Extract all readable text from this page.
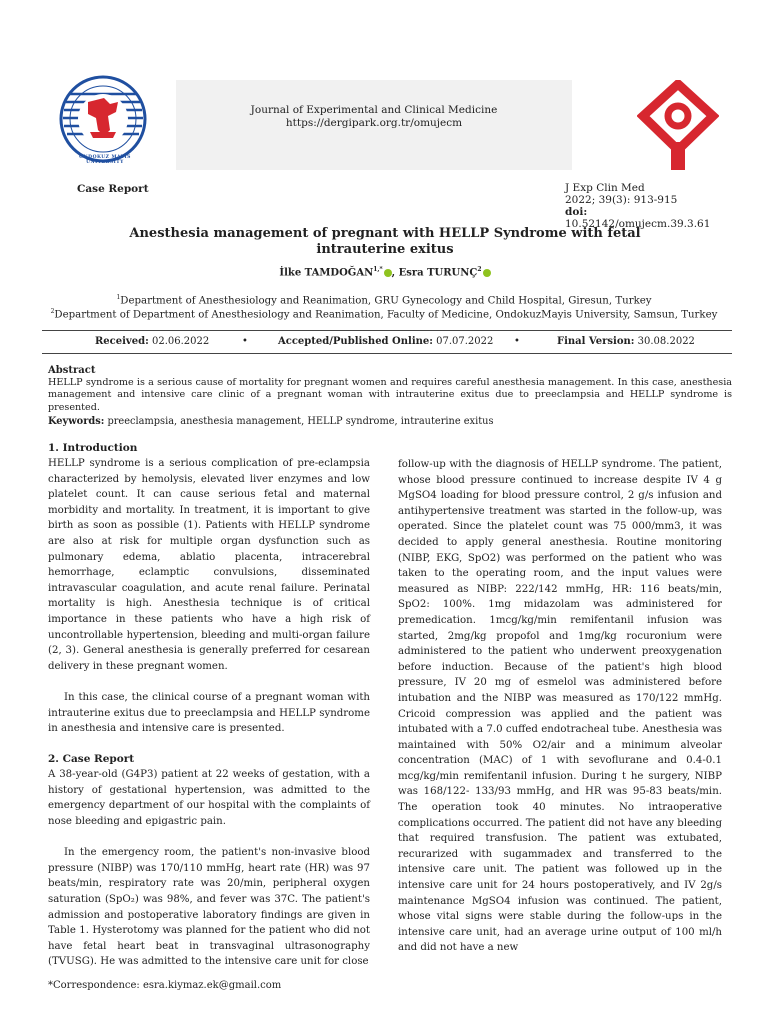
ONDOKUZ MAYIS UNIVERSITY
Journal of Experimental and Clinical Medicine
https://dergipark.org.tr/omujecm
Case Report	J Exp Clin Med
2022; 39(3): 913-915
doi: 10.52142/omujecm.39.3.61
Anesthesia management of pregnant with HELLP Syndrome with fetal intrauterine exitus
İlke $TAMDOĞAN^{1,*}$ , Esra TURUNÇ$^2$
$^1$Department of Anesthesiology and Reanimation, GRU Gynecology and Child Hospital, Giresun, Turkey
$^2$Department of Department of Anesthesiology and Reanimation, Faculty of Medicine, OndokuzMayis University, Samsun, Turkey
Received: 02.06.2022	•	Accepted/Published Online: 07.07.2022 •	Final Version: 30.08.2022
Abstract
HELLP syndrome is a serious cause of mortality for pregnant women and requires careful anesthesia management. In this case, anesthesia management and intensive care clinic of a pregnant woman with intrauterine exitus due to preeclampsia and HELLP syndrome is presented.
Keywords: preeclampsia, anesthesia management, HELLP syndrome, intrauterine exitus
1. Introduction

HELLP syndrome is a serious complication of pre-eclampsia characterized by hemolysis, elevated liver enzymes and low platelet count. It can cause serious fetal and maternal morbidity and mortality. In treatment, it is important to give birth as soon as possible (1). Patients with HELLP syndrome are also at risk for multiple organ dysfunction such as pulmonary edema, ablatio placenta, intracerebral hemorrhage, eclamptic convulsions, disseminated intravascular coagulation, and acute renal failure. Perinatal mortality is high. Anesthesia technique is of critical importance in these patients who have a high risk of uncontrollable hypertension, bleeding and multi-organ failure (2, 3). General anesthesia is generally preferred for cesarean delivery in these pregnant women.

In this case, the clinical course of a pregnant woman with intrauterine exitus due to preeclampsia and HELLP syndrome in anesthesia and intensive care is presented.

2. Case Report

A 38-year-old (G4P3) patient at 22 weeks of gestation, with a history of gestational hypertension, was admitted to the emergency department of our hospital with the complaints of nose bleeding and epigastric pain.

In the emergency room, the patient's non-invasive blood pressure (NIBP) was 170/110 mmHg, heart rate (HR) was 97 beats/min, respiratory rate was 20/min, peripheral oxygen saturation (SpO₂) was 98%, and fever was 37C. The patient's admission and postoperative laboratory findings are given in Table 1. Hysterotomy was planned for the patient who did not have fetal heart beat in transvaginal ultrasonography (TVUSG). He was admitted to the intensive care unit for close

follow-up with the diagnosis of HELLP syndrome. The patient, whose blood pressure continued to increase despite IV 4 g MgSO4 loading for blood pressure control, 2 g/s infusion and antihypertensive treatment was started in the follow-up, was operated. Since the platelet count was 75 000/mm3, it was decided to apply general anesthesia. Routine monitoring (NIBP, EKG, SpO2) was performed on the patient who was taken to the operating room, and the input values were measured as NIBP: 222/142 mmHg, HR: 116 beats/min, SpO2: 100%. 1mg midazolam was administered for premedication. 1mcg/kg/min remifentanil infusion was started, 2mg/kg propofol and 1mg/kg rocuronium were administered to the patient who underwent preoxygenation before induction. Because of the patient's high blood pressure, IV 20 mg of esmelol was administered before intubation and the NIBP was measured as 170/122 mmHg. Cricoid compression was applied and the patient was intubated with a 7.0 cuffed endotracheal tube. Anesthesia was maintained with 50% O2/air and a minimum alveolar concentration (MAC) of 1 with sevoflurane and 0.4-0.1 mcg/kg/min remifentanil infusion. During t he surgery, NIBP was 168/122- 133/93 mmHg, and HR was 95-83 beats/min. The operation took 40 minutes. No intraoperative complications occurred. The patient did not have any bleeding that required transfusion. The patient was extubated, recurarized with sugammadex and transferred to the intensive care unit. The patient was followed up in the intensive care unit for 24 hours postoperatively, and IV 2g/s maintenance MgSO4 infusion was continued. The patient, whose vital signs were stable during the follow-ups in the intensive care unit, had an average urine output of 100 ml/h and did not have a new

*Correspondence: esra.kiymaz.ek@gmail.com
